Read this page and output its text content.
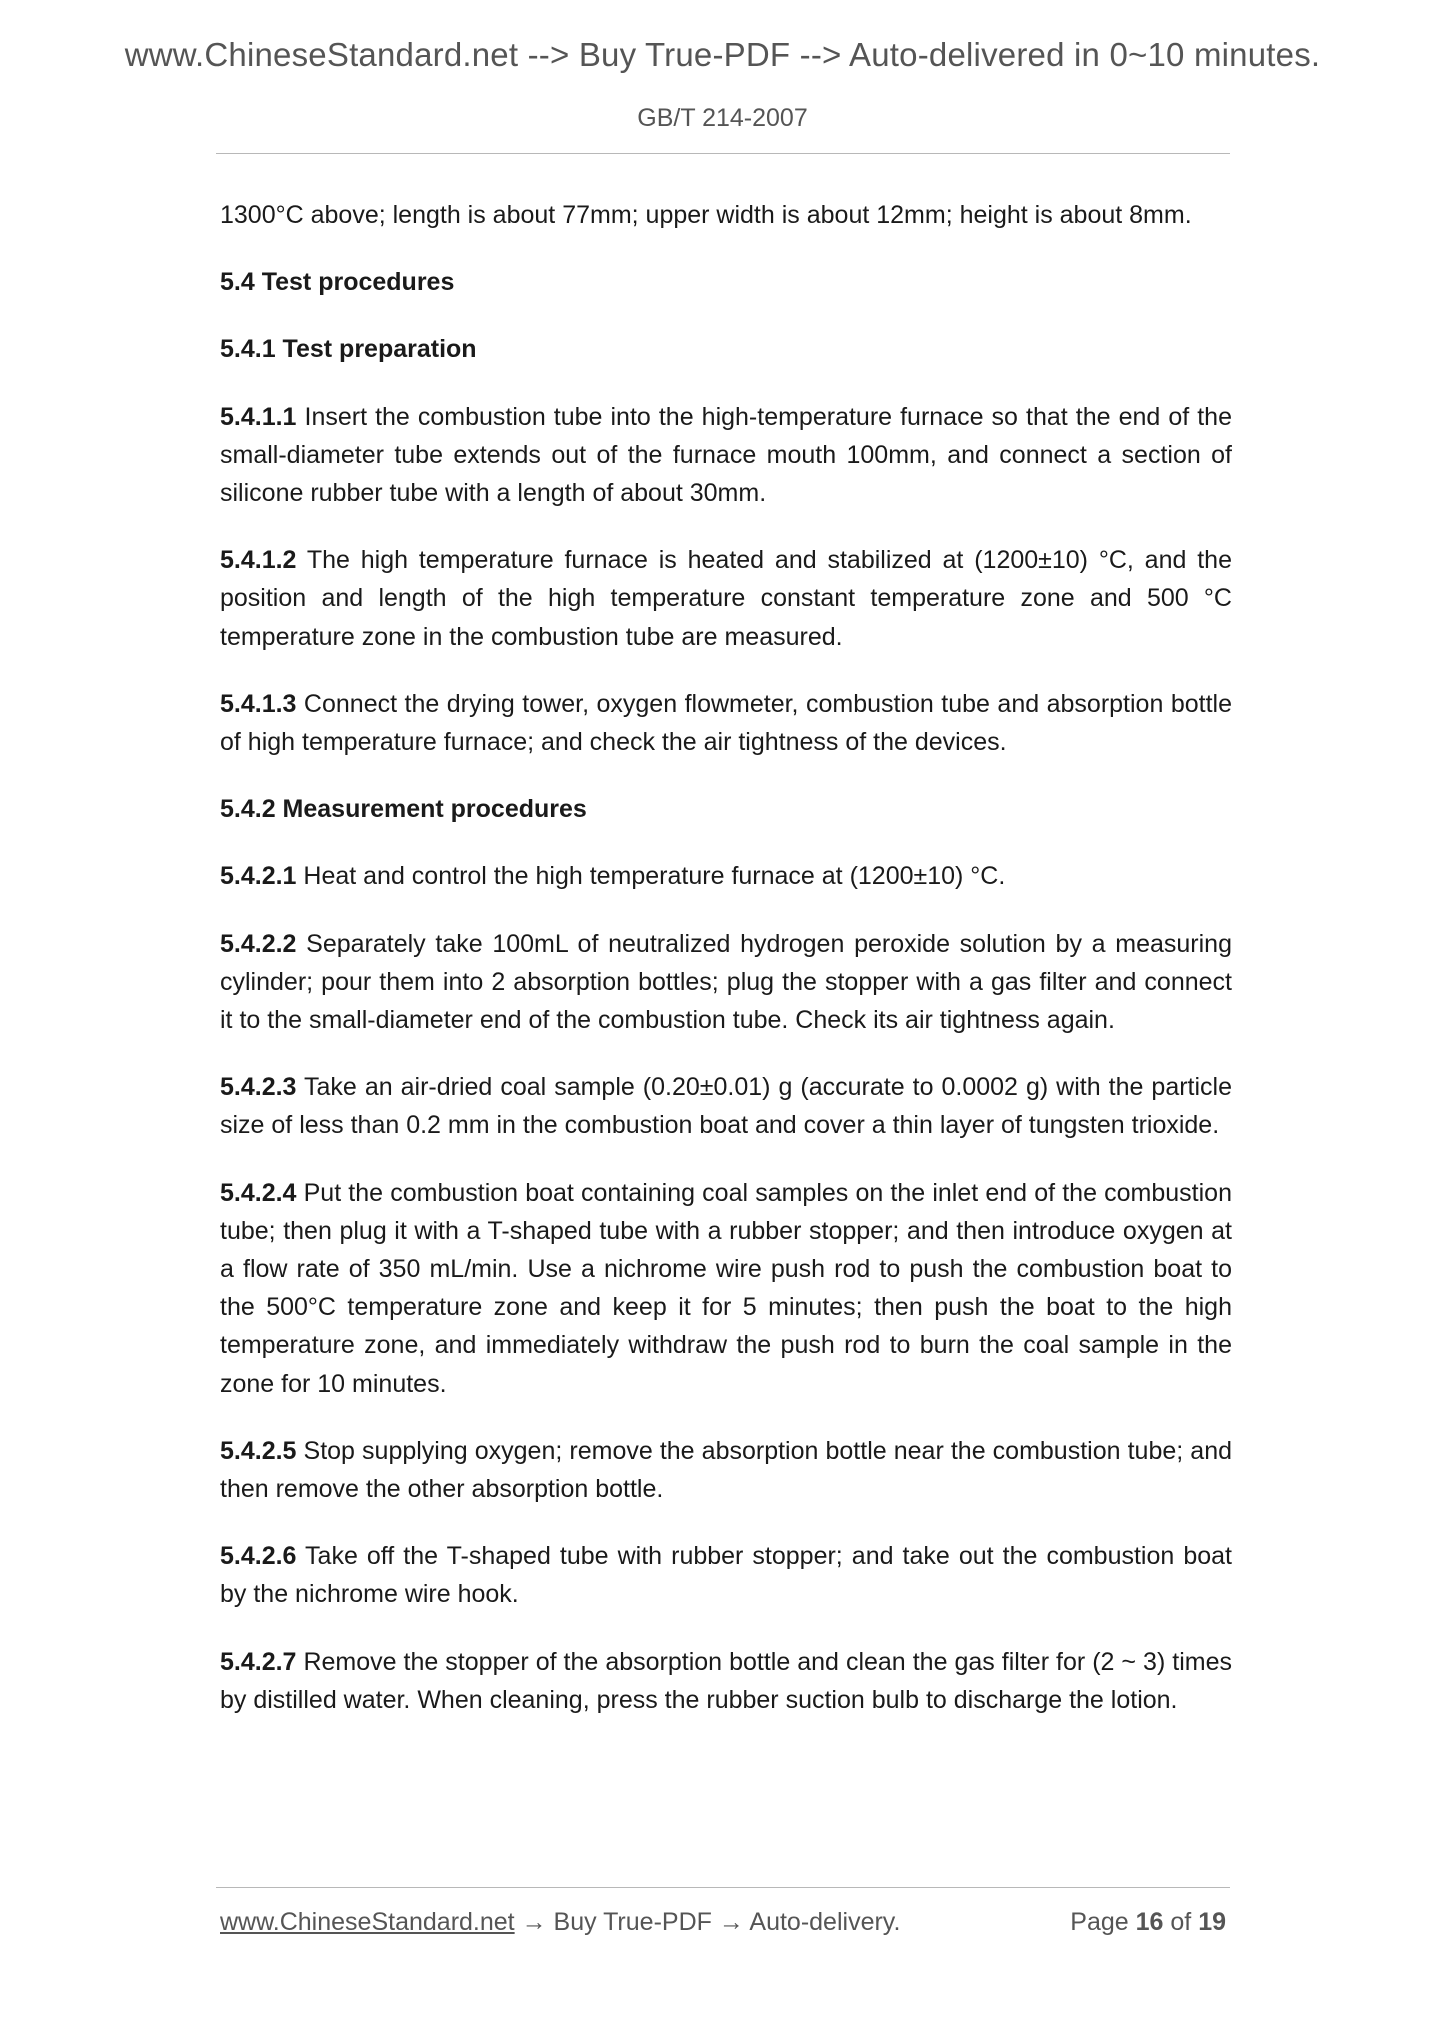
www.ChineseStandard.net --> Buy True-PDF --> Auto-delivered in 0~10 minutes.
GB/T 214-2007

1300°C above; length is about 77mm; upper width is about 12mm; height is about 8mm.

5.4 Test procedures

5.4.1 Test preparation

5.4.1.1 Insert the combustion tube into the high-temperature furnace so that the end of the small-diameter tube extends out of the furnace mouth 100mm, and connect a section of silicone rubber tube with a length of about 30mm.

5.4.1.2 The high temperature furnace is heated and stabilized at (1200±10) °C, and the position and length of the high temperature constant temperature zone and 500 °C temperature zone in the combustion tube are measured.

5.4.1.3 Connect the drying tower, oxygen flowmeter, combustion tube and absorption bottle of high temperature furnace; and check the air tightness of the devices.

5.4.2 Measurement procedures

5.4.2.1 Heat and control the high temperature furnace at (1200±10) °C.

5.4.2.2 Separately take 100mL of neutralized hydrogen peroxide solution by a measuring cylinder; pour them into 2 absorption bottles; plug the stopper with a gas filter and connect it to the small-diameter end of the combustion tube. Check its air tightness again.

5.4.2.3 Take an air-dried coal sample (0.20±0.01) g (accurate to 0.0002 g) with the particle size of less than 0.2 mm in the combustion boat and cover a thin layer of tungsten trioxide.

5.4.2.4 Put the combustion boat containing coal samples on the inlet end of the combustion tube; then plug it with a T-shaped tube with a rubber stopper; and then introduce oxygen at a flow rate of 350 mL/min. Use a nichrome wire push rod to push the combustion boat to the 500°C temperature zone and keep it for 5 minutes; then push the boat to the high temperature zone, and immediately withdraw the push rod to burn the coal sample in the zone for 10 minutes.

5.4.2.5 Stop supplying oxygen; remove the absorption bottle near the combustion tube; and then remove the other absorption bottle.

5.4.2.6 Take off the T-shaped tube with rubber stopper; and take out the combustion boat by the nichrome wire hook.

5.4.2.7 Remove the stopper of the absorption bottle and clean the gas filter for (2 ~ 3) times by distilled water. When cleaning, press the rubber suction bulb to discharge the lotion.

www.ChineseStandard.net → Buy True-PDF → Auto-delivery.	Page 16 of 19
